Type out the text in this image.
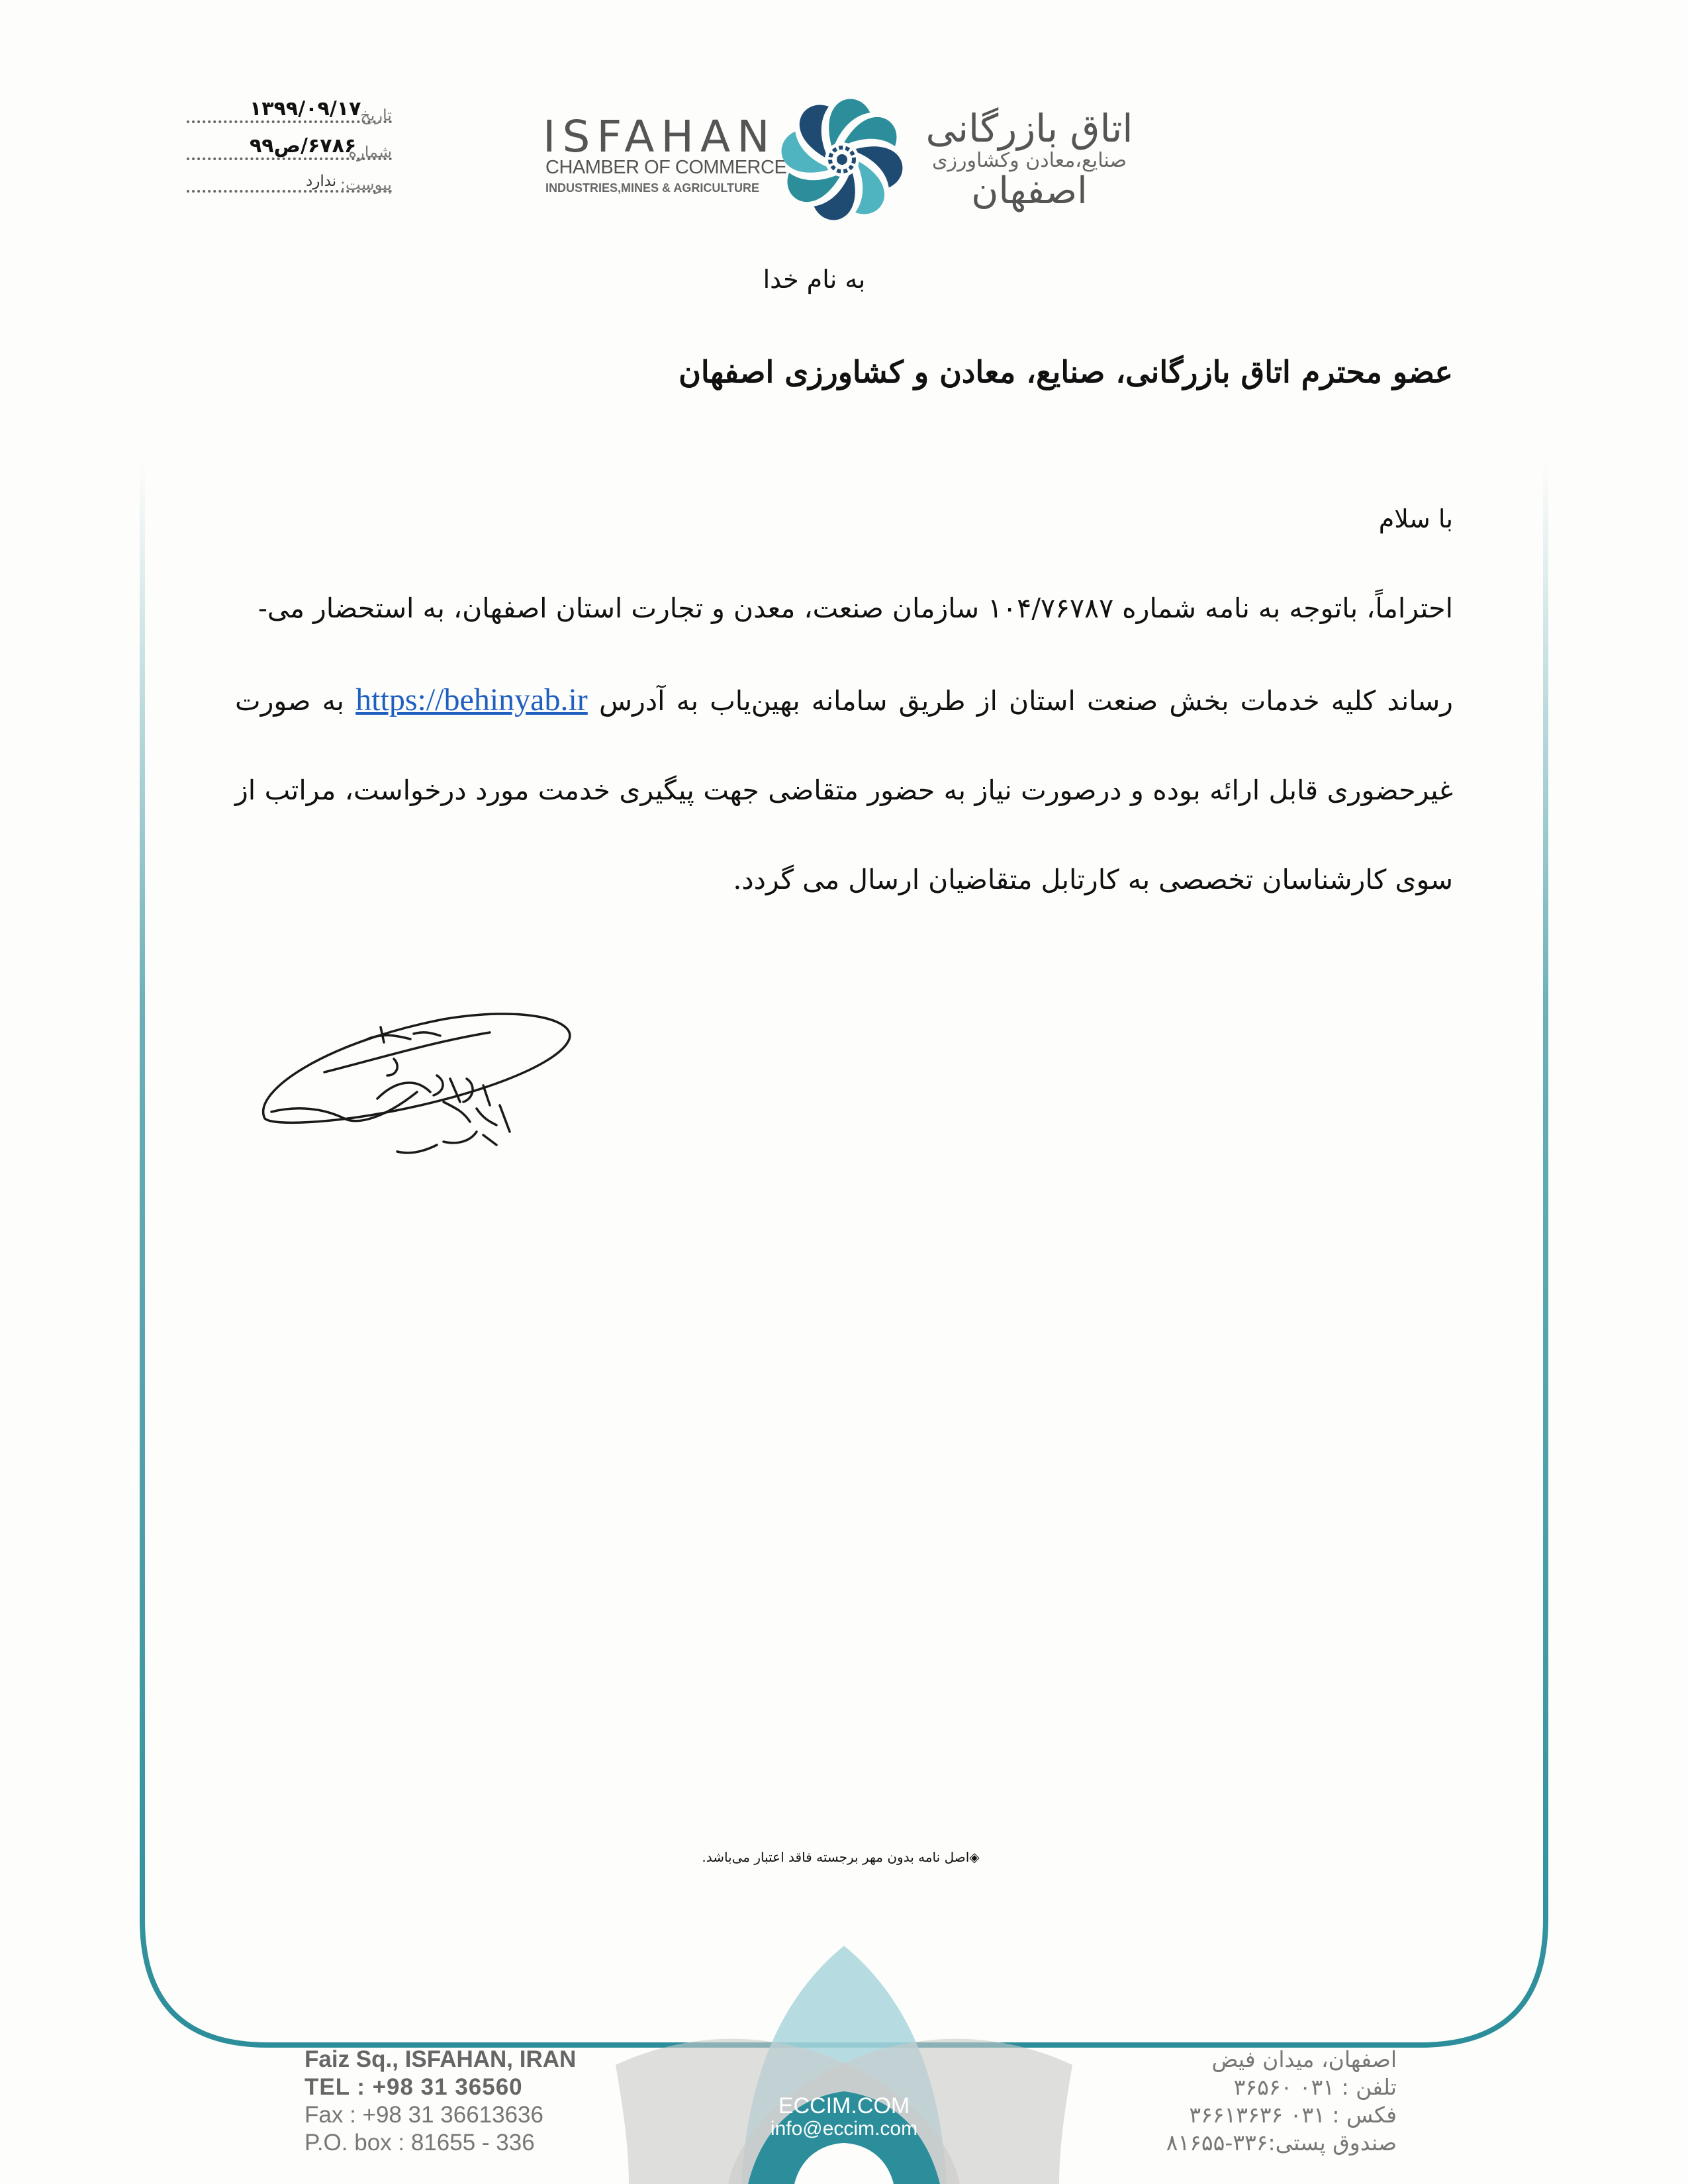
۱۳۹۹/۰۹/۱۷
تاریخ
۶۷۸۶/ص۹۹
شماره
ندارد پیوست:
ISFAHAN
CHAMBER OF COMMERCE
INDUSTRIES,MINES & AGRICULTURE
اتاق بازرگانی
صنایع،معادن وکشاورزی
اصفهان
به نام خدا
عضو محترم اتاق بازرگانی، صنایع، معادن و کشاورزی اصفهان
با سلام
احتراماً، باتوجه به نامه شماره ۱۰۴/۷۶۷۸۷ سازمان صنعت، معدن و تجارت استان اصفهان، به استحضار می-
رساند کلیه خدمات بخش صنعت استان از طریق سامانه بهین‌یاب به آدرس https://behinyab.ir به صورت
غیرحضوری قابل ارائه بوده و درصورت نیاز به حضور متقاضی جهت پیگیری خدمت مورد درخواست، مراتب از
سوی کارشناسان تخصصی به کارتابل متقاضیان ارسال می گردد.
◈اصل نامه بدون مهر برجسته فاقد اعتبار می‌باشد.
ECCIM.COM
info@eccim.com
Faiz Sq., ISFAHAN, IRAN
TEL : +98 31 36560
Fax : +98 31 36613636
P.O. box : 81655 - 336
اصفهان، میدان فیض
تلفن : ۰۳۱ ۳۶۵۶۰
فکس : ۰۳۱ ۳۶۶۱۳۶۳۶
صندوق پستی:۳۳۶-۸۱۶۵۵
